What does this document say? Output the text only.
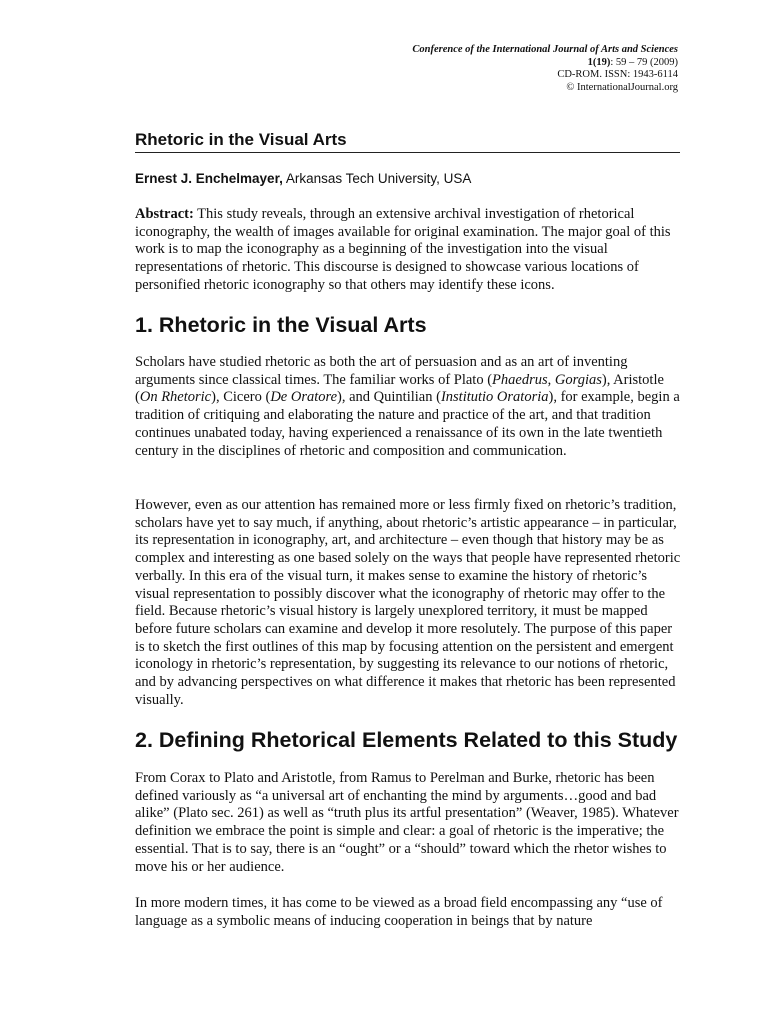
Conference of the International Journal of Arts and Sciences
1(19): 59 – 79 (2009)
CD-ROM. ISSN: 1943-6114
© InternationalJournal.org
Rhetoric in the Visual Arts
Ernest J. Enchelmayer, Arkansas Tech University, USA

Abstract: This study reveals, through an extensive archival investigation of rhetorical iconography, the wealth of images available for original examination. The major goal of this work is to map the iconography as a beginning of the investigation into the visual representations of rhetoric. This discourse is designed to showcase various locations of personified rhetoric iconography so that others may identify these icons.

1. Rhetoric in the Visual Arts

Scholars have studied rhetoric as both the art of persuasion and as an art of inventing arguments since classical times. The familiar works of Plato (Phaedrus, Gorgias), Aristotle (On Rhetoric), Cicero (De Oratore), and Quintilian (Institutio Oratoria), for example, begin a tradition of critiquing and elaborating the nature and practice of the art, and that tradition continues unabated today, having experienced a renaissance of its own in the late twentieth century in the disciplines of rhetoric and composition and communication.

However, even as our attention has remained more or less firmly fixed on rhetoric’s tradition, scholars have yet to say much, if anything, about rhetoric’s artistic appearance – in particular, its representation in iconography, art, and architecture – even though that history may be as complex and interesting as one based solely on the ways that people have represented rhetoric verbally. In this era of the visual turn, it makes sense to examine the history of rhetoric’s visual representation to possibly discover what the iconography of rhetoric may offer to the field. Because rhetoric’s visual history is largely unexplored territory, it must be mapped before future scholars can examine and develop it more resolutely. The purpose of this paper is to sketch the first outlines of this map by focusing attention on the persistent and emergent iconology in rhetoric’s representation, by suggesting its relevance to our notions of rhetoric, and by advancing perspectives on what difference it makes that rhetoric has been represented visually.

2. Defining Rhetorical Elements Related to this Study

From Corax to Plato and Aristotle, from Ramus to Perelman and Burke, rhetoric has been defined variously as “a universal art of enchanting the mind by arguments…good and bad alike” (Plato sec. 261) as well as “truth plus its artful presentation” (Weaver, 1985). Whatever definition we embrace the point is simple and clear: a goal of rhetoric is the imperative; the essential. That is to say, there is an “ought” or a “should” toward which the rhetor wishes to move his or her audience.

In more modern times, it has come to be viewed as a broad field encompassing any “use of language as a symbolic means of inducing cooperation in beings that by nature
